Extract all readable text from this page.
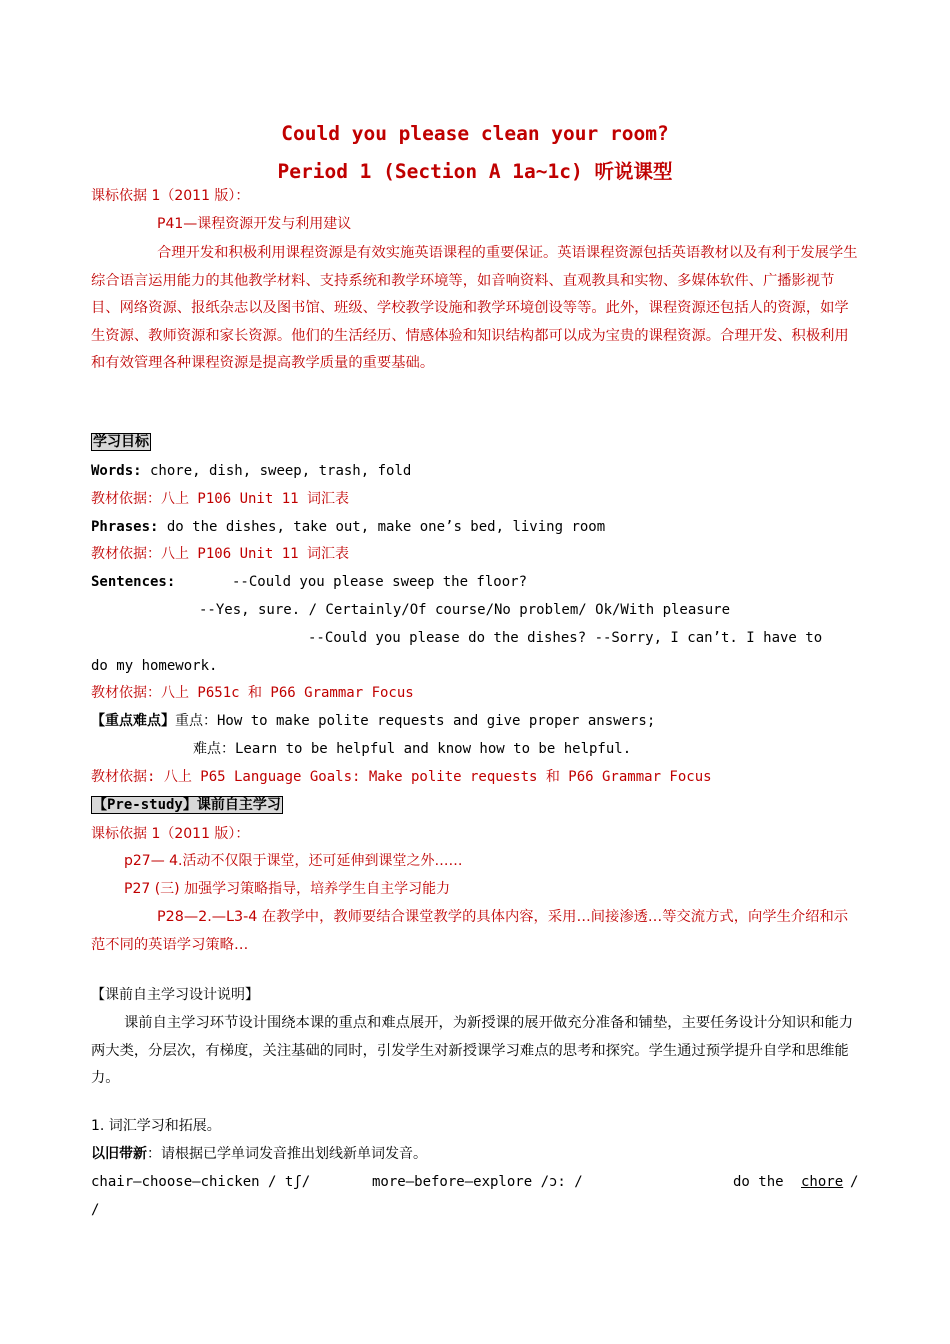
Could you please clean your room?
Period 1 (Section A 1a~1c) 听说课型
课标依据 1（2011 版）：
P41—课程资源开发与利用建议
合理开发和积极利用课程资源是有效实施英语课程的重要保证。英语课程资源包括英语教材以及有利于发展学生综合语言运用能力的其他教学材料、支持系统和教学环境等，如音响资料、直观教具和实物、多媒体软件、广播影视节目、网络资源、报纸杂志以及图书馆、班级、学校教学设施和教学环境创设等等。此外，课程资源还包括人的资源，如学生资源、教师资源和家长资源。他们的生活经历、情感体验和知识结构都可以成为宝贵的课程资源。合理开发、积极利用和有效管理各种课程资源是提高教学质量的重要基础。
学习目标
Words: chore, dish, sweep, trash, fold
教材依据：八上 P106 Unit 11 词汇表
Phrases: do the dishes, take out, make one’s bed, living room
教材依据：八上 P106 Unit 11 词汇表
Sentences:	--Could you please sweep the floor?
--Yes, sure. / Certainly/Of course/No problem/ Ok/With pleasure
--Could you please do the dishes? --Sorry, I can’t. I have to
do my homework.
教材依据：八上 P651c 和 P66 Grammar Focus
【重点难点】重点：How to make polite requests and give proper answers;
难点：Learn to be helpful and know how to be helpful.
教材依据: 八上 P65 Language Goals: Make polite requests 和 P66 Grammar Focus
【Pre-study】课前自主学习
课标依据 1（2011 版）：
p27— 4.活动不仅限于课堂，还可延伸到课堂之外……
P27 (三) 加强学习策略指导，培养学生自主学习能力
P28—2.—L3-4 在教学中，教师要结合课堂教学的具体内容，采用…间接渗透…等交流方式，向学生介绍和示范不同的英语学习策略…
【课前自主学习设计说明】
课前自主学习环节设计围绕本课的重点和难点展开，为新授课的展开做充分准备和铺垫，主要任务设计分知识和能力两大类，分层次，有梯度，关注基础的同时，引发学生对新授课学习难点的思考和探究。学生通过预学提升自学和思维能力。
1. 词汇学习和拓展。
以旧带新：请根据已学单词发音推出划线新单词发音。
chair—choose—chicken / tʃ/	more—before—explore /ɔ: /	do the chore /
/
